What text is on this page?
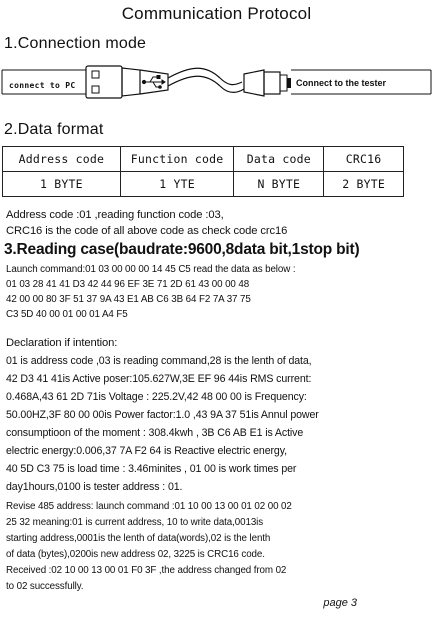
Communication Protocol
1.Connection mode
connect to PC	Connect to the tester
2.Data format
Address code	Function code	Data code	CRC16
1 BYTE	1 YTE	N BYTE	2 BYTE
Address code :01 ,reading function code :03,
CRC16 is the code of all above code as check code crc16
3.Reading case(baudrate:9600,8data bit,1stop bit)
Launch command:01 03 00 00 00 14 45 C5 read the data as below :
01 03 28 41 41 D3 42 44 96 EF 3E 71 2D 61 43 00 00 48
42 00 00 80 3F 51 37 9A 43 E1 AB C6 3B 64 F2 7A 37 75
C3 5D 40 00 01 00 01 A4 F5
Declaration if intention:
01 is address code ,03 is reading command,28 is the lenth of data,
42 D3 41 41is Active poser:105.627W,3E EF 96 44is RMS current:
0.468A,43 61 2D 71is Voltage : 225.2V,42 48 00 00 is Frequency:
50.00HZ,3F 80 00 00is Power factor:1.0 ,43 9A 37 51is Annul power
consumptioon of the moment : 308.4kwh , 3B C6 AB E1 is Active
electric energy:0.006,37 7A F2 64 is Reactive electric energy,
40 5D C3 75 is load time : 3.46minites , 01 00 is work times per
day1hours,0100 is tester address : 01.
Revise 485 address: launch command :01 10 00 13 00 01 02 00 02
25 32 meaning:01 is current address, 10 to write data,0013is
starting address,0001is the lenth of data(words),02 is the lenth
of data (bytes),0200is new address 02, 3225 is CRC16 code.
Received :02 10 00 13 00 01 F0 3F ,the address changed from 02
to 02 successfully.
page 3
